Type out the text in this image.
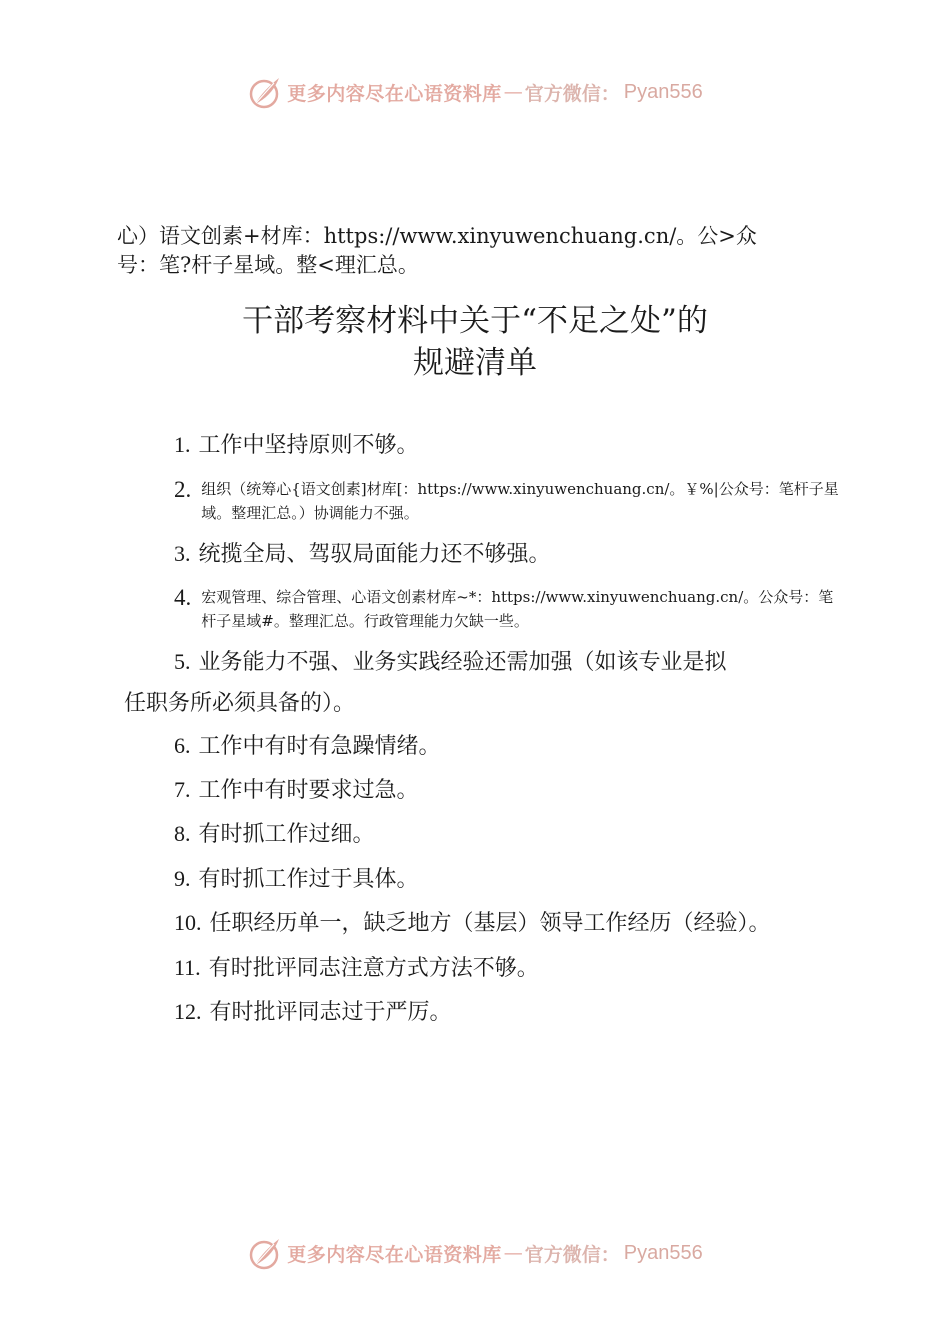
更多内容尽在心语资料库 — 官方微信： Pyan556
心）语文创素+材库：https://www.xinyuwenchuang.cn/。公>众
号：笔?杆子星域。整<理汇总。
干部考察材料中关于“不足之处”的
规避清单
1. 工作中坚持原则不够。
2. 组织（统筹心{语文创素]材库[：https://www.xinyuwenchuang.cn/。￥%|公众号：笔杆子星域。整理汇总。）协调能力不强。
3. 统揽全局、驾驭局面能力还不够强。
4. 宏观管理、综合管理、心语文创素材库~*：https://www.xinyuwenchuang.cn/。公众号：笔杆子星域#。整理汇总。行政管理能力欠缺一些。
5. 业务能力不强、业务实践经验还需加强（如该专业是拟
任职务所必须具备的）。
6. 工作中有时有急躁情绪。
7. 工作中有时要求过急。
8. 有时抓工作过细。
9. 有时抓工作过于具体。
10. 任职经历单一，缺乏地方（基层）领导工作经历（经验）。
11. 有时批评同志注意方式方法不够。
12. 有时批评同志过于严厉。
更多内容尽在心语资料库 — 官方微信： Pyan556
